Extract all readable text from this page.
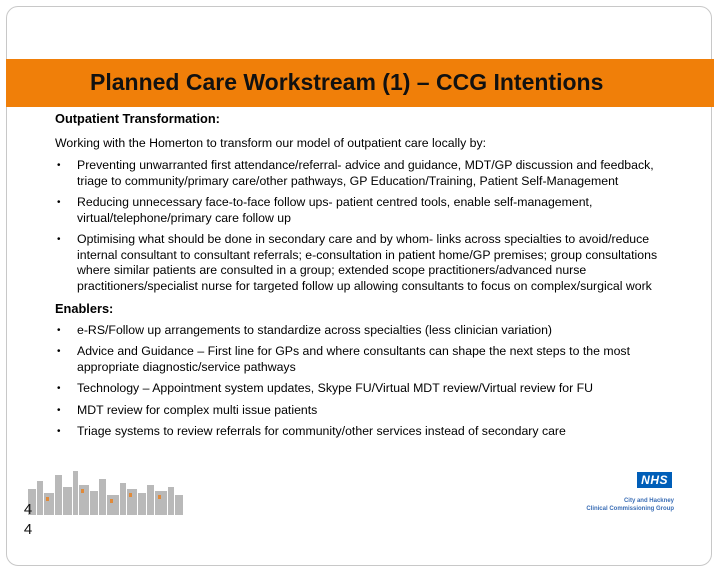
Planned Care Workstream (1) – CCG Intentions
Outpatient Transformation:
Working with the Homerton to transform our model of outpatient care locally by:
• Preventing unwarranted first attendance/referral- advice and guidance, MDT/GP discussion and feedback, triage to community/primary care/other pathways, GP Education/Training, Patient Self-Management
• Reducing unnecessary face-to-face follow ups- patient centred tools, enable self-management, virtual/telephone/primary care follow up
• Optimising what should be done in secondary care and by whom- links across specialties to avoid/reduce internal consultant to consultant referrals; e-consultation in patient home/GP premises; group consultations where similar patients are consulted in a group; extended scope practitioners/advanced nurse practitioners/specialist nurse for targeted follow up allowing consultants to focus on complex/surgical work
Enablers:
• e-RS/Follow up arrangements to standardize across specialties (less clinician variation)
• Advice and Guidance – First line for GPs and where consultants can shape the next steps to the most appropriate diagnostic/service pathways
• Technology – Appointment system updates, Skype FU/Virtual MDT review/Virtual review for FU
• MDT review for complex multi issue patients
• Triage systems to review referrals for community/other services instead of secondary care
4 4
NHS
City and Hackney
Clinical Commissioning Group
